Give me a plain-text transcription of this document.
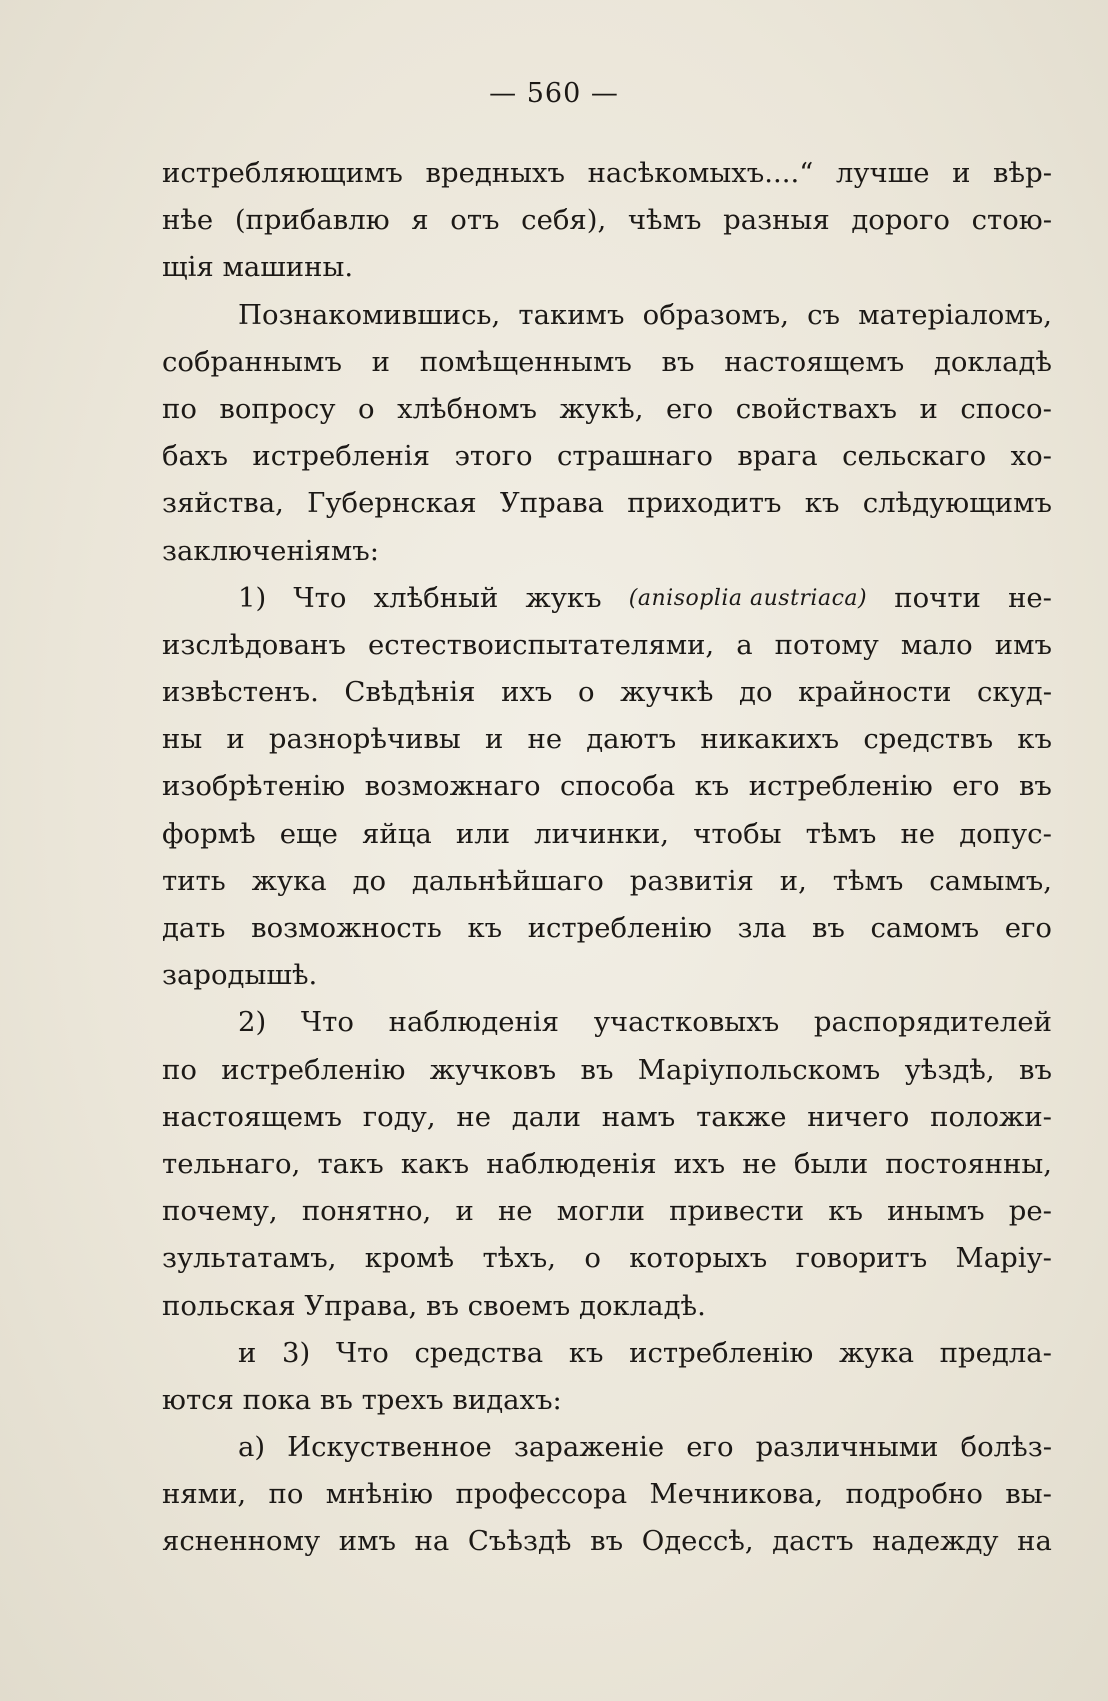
— 560 —
истребляющимъ вредныхъ насѣкомыхъ....“ лучше и вѣр-
нѣе (прибавлю я отъ себя), чѣмъ разныя дорого стою-
щія машины.
Познакомившись, такимъ образомъ, съ матеріаломъ,
собраннымъ и помѣщеннымъ въ настоящемъ докладѣ
по вопросу о хлѣбномъ жукѣ, его свойствахъ и спосо-
бахъ истребленія этого страшнаго врага сельскаго хо-
зяйства, Губернская Управа приходитъ къ слѣдующимъ
заключеніямъ:
1) Что хлѣбный жукъ (anisoplia austriaca) почти не-
изслѣдованъ естествоиспытателями, а потому мало имъ
извѣстенъ. Свѣдѣнія ихъ о жучкѣ до крайности скуд-
ны и разнорѣчивы и не даютъ никакихъ средствъ къ
изобрѣтенію возможнаго способа къ истребленію его въ
формѣ еще яйца или личинки, чтобы тѣмъ не допус-
тить жука до дальнѣйшаго развитія и, тѣмъ самымъ,
дать возможность къ истребленію зла въ самомъ его
зародышѣ.
2) Что наблюденія участковыхъ распорядителей
по истребленію жучковъ въ Маріупольскомъ уѣздѣ, въ
настоящемъ году, не дали намъ также ничего положи-
тельнаго, такъ какъ наблюденія ихъ не были постоянны,
почему, понятно, и не могли привести къ инымъ ре-
зультатамъ, кромѣ тѣхъ, о которыхъ говоритъ Маріу-
польская Управа, въ своемъ докладѣ.
и 3) Что средства къ истребленію жука предла-
ются пока въ трехъ видахъ:
а) Искуственное зараженіе его различными болѣз-
нями, по мнѣнію профессора Мечникова, подробно вы-
ясненному имъ на Съѣздѣ въ Одессѣ, дастъ надежду на
